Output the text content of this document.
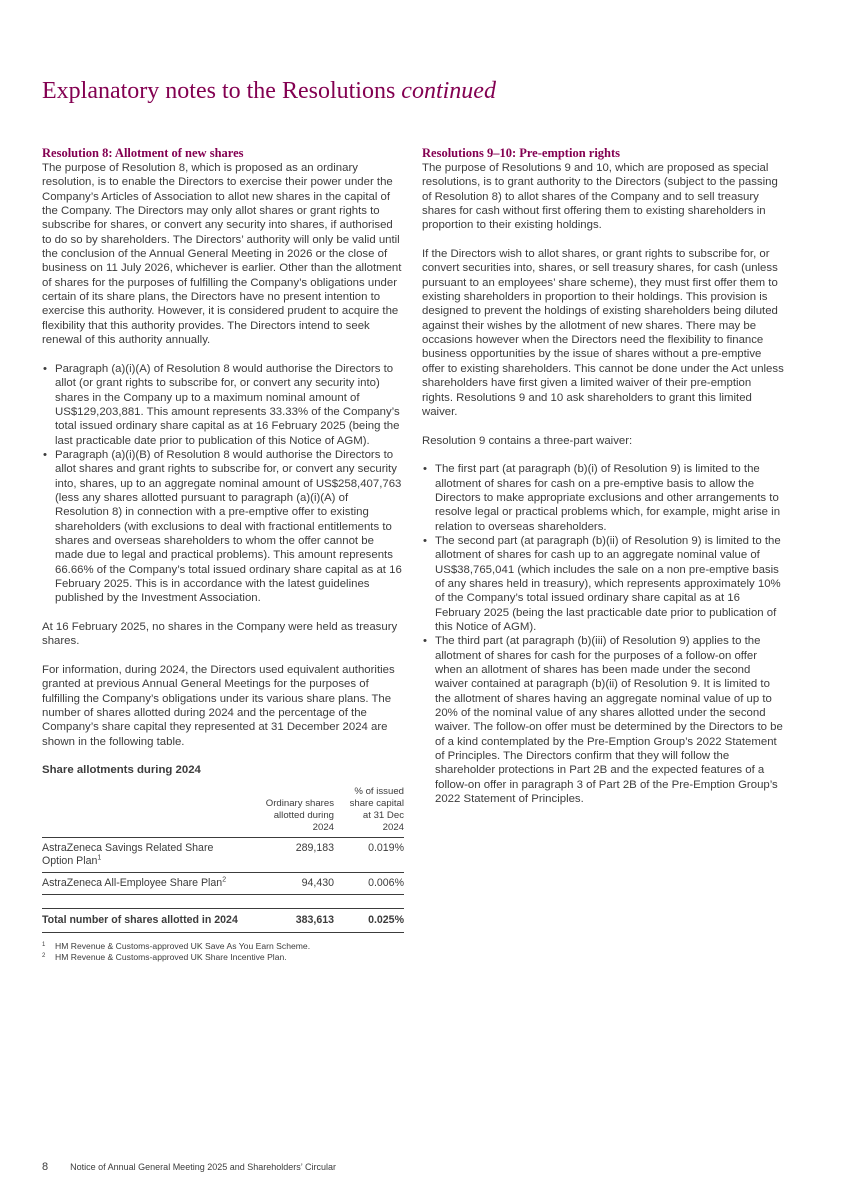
Explanatory notes to the Resolutions continued
Resolution 8: Allotment of new shares

The purpose of Resolution 8, which is proposed as an ordinary resolution, is to enable the Directors to exercise their power under the Company’s Articles of Association to allot new shares in the capital of the Company. The Directors may only allot shares or grant rights to subscribe for shares, or convert any security into shares, if authorised to do so by shareholders. The Directors’ authority will only be valid until the conclusion of the Annual General Meeting in 2026 or the close of business on 11 July 2026, whichever is earlier. Other than the allotment of shares for the purposes of fulfilling the Company’s obligations under certain of its share plans, the Directors have no present intention to exercise this authority. However, it is considered prudent to acquire the flexibility that this authority provides. The Directors intend to seek renewal of this authority annually.

• Paragraph (a)(i)(A) of Resolution 8 would authorise the Directors to allot (or grant rights to subscribe for, or convert any security into) shares in the Company up to a maximum nominal amount of US$129,203,881. This amount represents 33.33% of the Company’s total issued ordinary share capital as at 16 February 2025 (being the last practicable date prior to publication of this Notice of AGM).
• Paragraph (a)(i)(B) of Resolution 8 would authorise the Directors to allot shares and grant rights to subscribe for, or convert any security into, shares, up to an aggregate nominal amount of US$258,407,763 (less any shares allotted pursuant to paragraph (a)(i)(A) of Resolution 8) in connection with a pre-emptive offer to existing shareholders (with exclusions to deal with fractional entitlements to shares and overseas shareholders to whom the offer cannot be made due to legal and practical problems). This amount represents 66.66% of the Company’s total issued ordinary share capital as at 16 February 2025. This is in accordance with the latest guidelines published by the Investment Association.

At 16 February 2025, no shares in the Company were held as treasury shares.

For information, during 2024, the Directors used equivalent authorities granted at previous Annual General Meetings for the purposes of fulfilling the Company’s obligations under its various share plans. The number of shares allotted during 2024 and the percentage of the Company’s share capital they represented at 31 December 2024 are shown in the following table.

Share allotments during 2024

	Ordinary shares allotted during 2024	% of issued share capital at 31 Dec 2024

AstraZeneca Savings Related Share Option Plan$^1$	289,183	0.019%
AstraZeneca All-Employee Share Plan$^2$	94,430	0.006%

Total number of shares allotted in 2024	383,613	0.025%
1	HM Revenue & Customs-approved UK Save As You Earn Scheme.
2	HM Revenue & Customs-approved UK Share Incentive Plan.
Resolutions 9–10: Pre-emption rights

The purpose of Resolutions 9 and 10, which are proposed as special resolutions, is to grant authority to the Directors (subject to the passing of Resolution 8) to allot shares of the Company and to sell treasury shares for cash without first offering them to existing shareholders in proportion to their existing holdings.

If the Directors wish to allot shares, or grant rights to subscribe for, or convert securities into, shares, or sell treasury shares, for cash (unless pursuant to an employees’ share scheme), they must first offer them to existing shareholders in proportion to their holdings. This provision is designed to prevent the holdings of existing shareholders being diluted against their wishes by the allotment of new shares. There may be occasions however when the Directors need the flexibility to finance business opportunities by the issue of shares without a pre-emptive offer to existing shareholders. This cannot be done under the Act unless shareholders have first given a limited waiver of their pre-emption rights. Resolutions 9 and 10 ask shareholders to grant this limited waiver.

Resolution 9 contains a three-part waiver:

• The first part (at paragraph (b)(i) of Resolution 9) is limited to the allotment of shares for cash on a pre-emptive basis to allow the Directors to make appropriate exclusions and other arrangements to resolve legal or practical problems which, for example, might arise in relation to overseas shareholders.
• The second part (at paragraph (b)(ii) of Resolution 9) is limited to the allotment of shares for cash up to an aggregate nominal value of US$38,765,041 (which includes the sale on a non pre-emptive basis of any shares held in treasury), which represents approximately 10% of the Company’s total issued ordinary share capital as at 16 February 2025 (being the last practicable date prior to publication of this Notice of AGM).
• The third part (at paragraph (b)(iii) of Resolution 9) applies to the allotment of shares for cash for the purposes of a follow-on offer when an allotment of shares has been made under the second waiver contained at paragraph (b)(ii) of Resolution 9. It is limited to the allotment of shares having an aggregate nominal value of up to 20% of the nominal value of any shares allotted under the second waiver. The follow-on offer must be determined by the Directors to be of a kind contemplated by the Pre-Emption Group’s 2022 Statement of Principles. The Directors confirm that they will follow the shareholder protections in Part 2B and the expected features of a follow-on offer in paragraph 3 of Part 2B of the Pre-Emption Group’s 2022 Statement of Principles.
8 Notice of Annual General Meeting 2025 and Shareholders’ Circular
